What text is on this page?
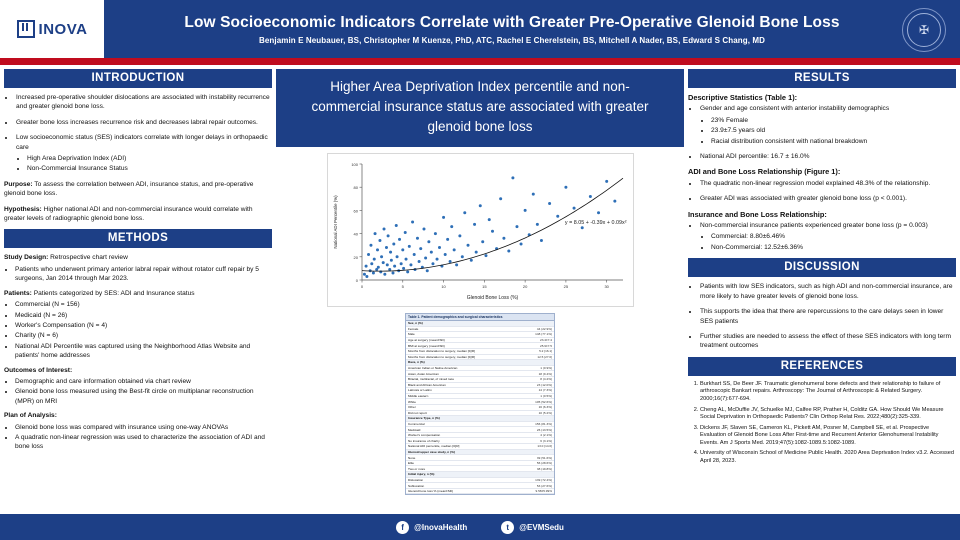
INOVA	Low Socioeconomic Indicators Correlate with Greater Pre-Operative Glenoid Bone Loss
Benjamin E Neubauer, BS, Christopher M Kuenze, PhD, ATC, Rachel E Cherelstein, BS, Mitchell A Nader, BS, Edward S Chang, MD
✠
INTRODUCTION
• Increased pre-operative shoulder dislocations are associated with instability recurrence and greater glenoid bone loss.
• Greater bone loss increases recurrence risk and decreases labral repair outcomes.
• Low socioeconomic status (SES) indicators correlate with longer delays in orthopaedic care
• High Area Deprivation Index (ADI)
• Non-Commercial Insurance Status

Purpose: To assess the correlation between ADI, insurance status, and pre-operative glenoid bone loss.

Hypothesis: Higher national ADI and non-commercial insurance would correlate with greater levels of radiographic glenoid bone loss.

METHODS

Study Design: Retrospective chart review

• Patients who underwent primary anterior labral repair without rotator cuff repair by 5 surgeons, Jan 2014 through Mar 2023.

Patients: Patients categorized by SES: ADI and Insurance status

• Commercial (N = 156)
• Medicaid (N = 26)
• Worker's Compensation (N = 4)
• Charity (N = 6)
• National ADI Percentile was captured using the Neighborhood Atlas Website and patients' home addresses

Outcomes of Interest:

• Demographic and care information obtained via chart review
• Glenoid bone loss measured using the Best-fit circle on multiplanar reconstruction (MPR) on MRI

Plan of Analysis:

• Glenoid bone loss was compared with insurance using one-way ANOVAs
• A quadratic non-linear regression was used to characterize the association of ADI and bone loss
Higher Area Deprivation Index percentile and non-commercial insurance status are associated with greater glenoid bone loss
0
20
40
60
80
100
0	5	10	15	20	25	30
Glenoid Bone Loss (%)
National ADI Percentile (%)	y = 8.05 + -0.39x + 0.09x²
Table 1. Patient demographics and surgical characteristics
Sex, n (%)	
Female	44 (22.9%)
Male	148 (77.1%)
Age at surgery (mean±SD)	23.4±7.4
BMI at surgery (mean±SD)	25.9±7.5
Months from dislocation to surgery, median [IQR]	5.2 [16.1]
Months from dislocation to surgery, median [IQR]	12.5 [27.0]
Race, n (%)	
American Indian or Native American	1 (0.9%)
Asian, Asian American	18 (9.4%)
Biracial, multiracial, of mixed race	8 (4.2%)
Black and African American	23 (12.0%)
Latino/a or Latinx	14 (7.3%)
Middle eastern	1 (0.5%)
White	105 (52.6%)
Other	16 (6.3%)
Did not report	10 (5.2%)
Insurance Type, n (%)	
Commercial	156 (81.3%)
Medicaid	26 (13.5%)
Worker's compensation	4 (2.1%)
No insurance of charity	6 (3.1%)
National ADI percentile, median [IQR]	13.0 [14.0]
Glenoid upper case study, n (%)	
None	39 (51.6%)
Elite	56 (28.6%)
Two or more	38 (19.8%)
Initial injury, n (%)	
Dislocation	139 (72.4%)
Subluxation	53 (27.6%)
Glenoid bone loss % (mean±SD)	9.58±5.99%
RESULTS
Descriptive Statistics (Table 1):
• Gender and age consistent with anterior instability demographics
• 23% Female
• 23.9±7.5 years old
• Racial distribution consistent with national breakdown
• National ADI percentile: 16.7 ± 16.0%
ADI and Bone Loss Relationship (Figure 1):
• The quadratic non-linear regression model explained 48.3% of the relationship.
• Greater ADI was associated with greater glenoid bone loss (p < 0.001).
Insurance and Bone Loss Relationship:
• Non-commercial insurance patients experienced greater bone loss (p = 0.003)
• Commercial: 8.80±6.46%
• Non-Commercial: 12.52±6.36%
DISCUSSION
• Patients with low SES indicators, such as high ADI and non-commercial insurance, are more likely to have greater levels of glenoid bone loss.
• This supports the idea that there are repercussions to the care delays seen in lower SES patients
• Further studies are needed to assess the effect of these SES indicators with long term treatment outcomes
REFERENCES
1. Burkhart SS, De Beer JF. Traumatic glenohumeral bone defects and their relationship to failure of arthroscopic Bankart repairs. Arthroscopy: The Journal of Arthroscopic & Related Surgery. 2000;16(7):677-694.
2. Cheng AL, McDuffie JV, Schuelke MJ, Calfee RP, Prather H, Colditz GA. How Should We Measure Social Deprivation in Orthopaedic Patients? Clin Orthop Relat Res. 2022;480(2):325-339.
3. Dickens JF, Slaven SE, Cameron KL, Pickett AM, Posner M, Campbell SE, et al. Prospective Evaluation of Glenoid Bone Loss After First-time and Recurrent Anterior Glenohumeral Instability Events. Am J Sports Med. 2019;47(5):1082-1089.5:1082-1089.
4. University of Wisconsin School of Medicine Public Health. 2020 Area Deprivation Index v3.2. Accessed April 28, 2023.
f	@InovaHealth	t	@EVMSedu
